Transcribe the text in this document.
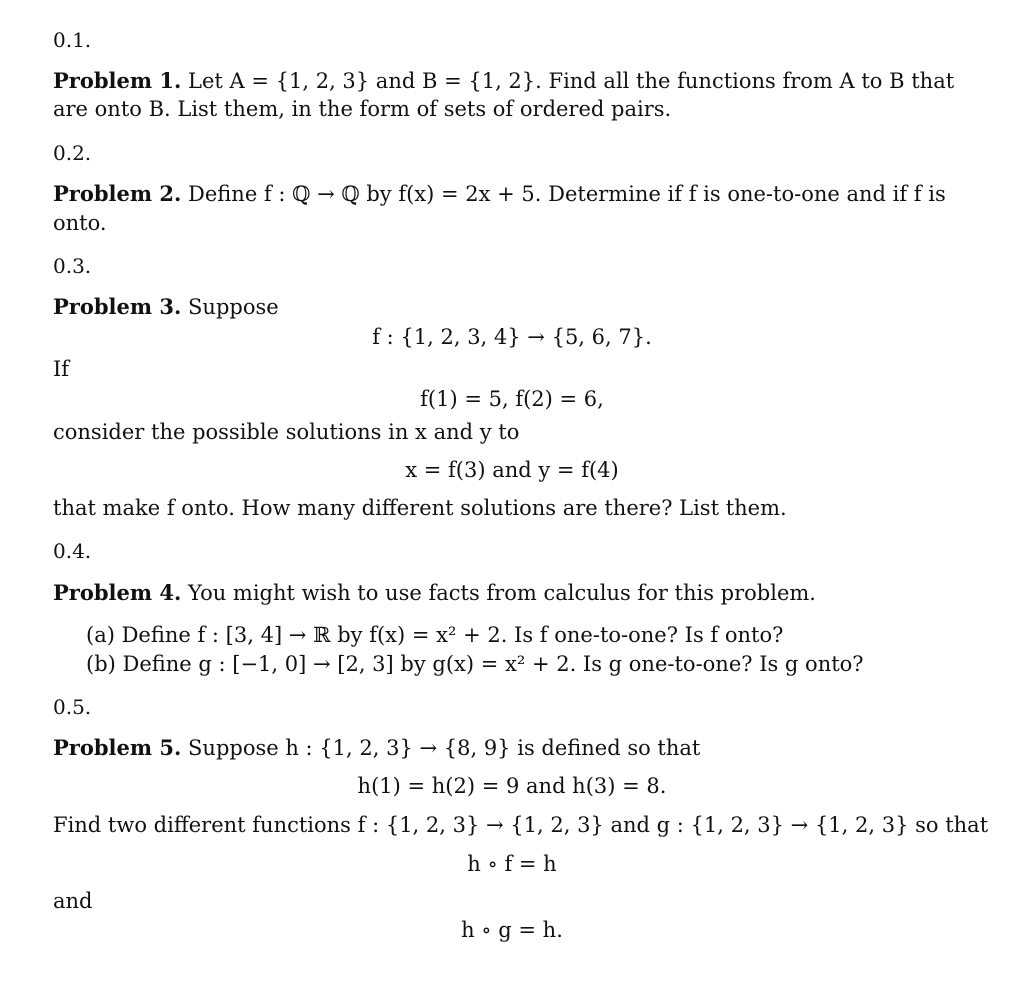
0.1.
Problem 1. Let A = {1, 2, 3} and B = {1, 2}. Find all the functions from A to B that
are onto B. List them, in the form of sets of ordered pairs.
0.2.
Problem 2. Define f : ℚ → ℚ by f(x) = 2x + 5. Determine if f is one-to-one and if f is
onto.
0.3.
Problem 3. Suppose
f : {1, 2, 3, 4} → {5, 6, 7}.
If
f(1) = 5, f(2) = 6,
consider the possible solutions in x and y to
x = f(3) and y = f(4)
that make f onto. How many different solutions are there? List them.
0.4.
Problem 4. You might wish to use facts from calculus for this problem.
(a) Define f : [3, 4] → ℝ by f(x) = x² + 2. Is f one-to-one? Is f onto?
(b) Define g : [−1, 0] → [2, 3] by g(x) = x² + 2. Is g one-to-one? Is g onto?
0.5.
Problem 5. Suppose h : {1, 2, 3} → {8, 9} is defined so that
h(1) = h(2) = 9 and h(3) = 8.
Find two different functions f : {1, 2, 3} → {1, 2, 3} and g : {1, 2, 3} → {1, 2, 3} so that
h ∘ f = h
and
h ∘ g = h.
